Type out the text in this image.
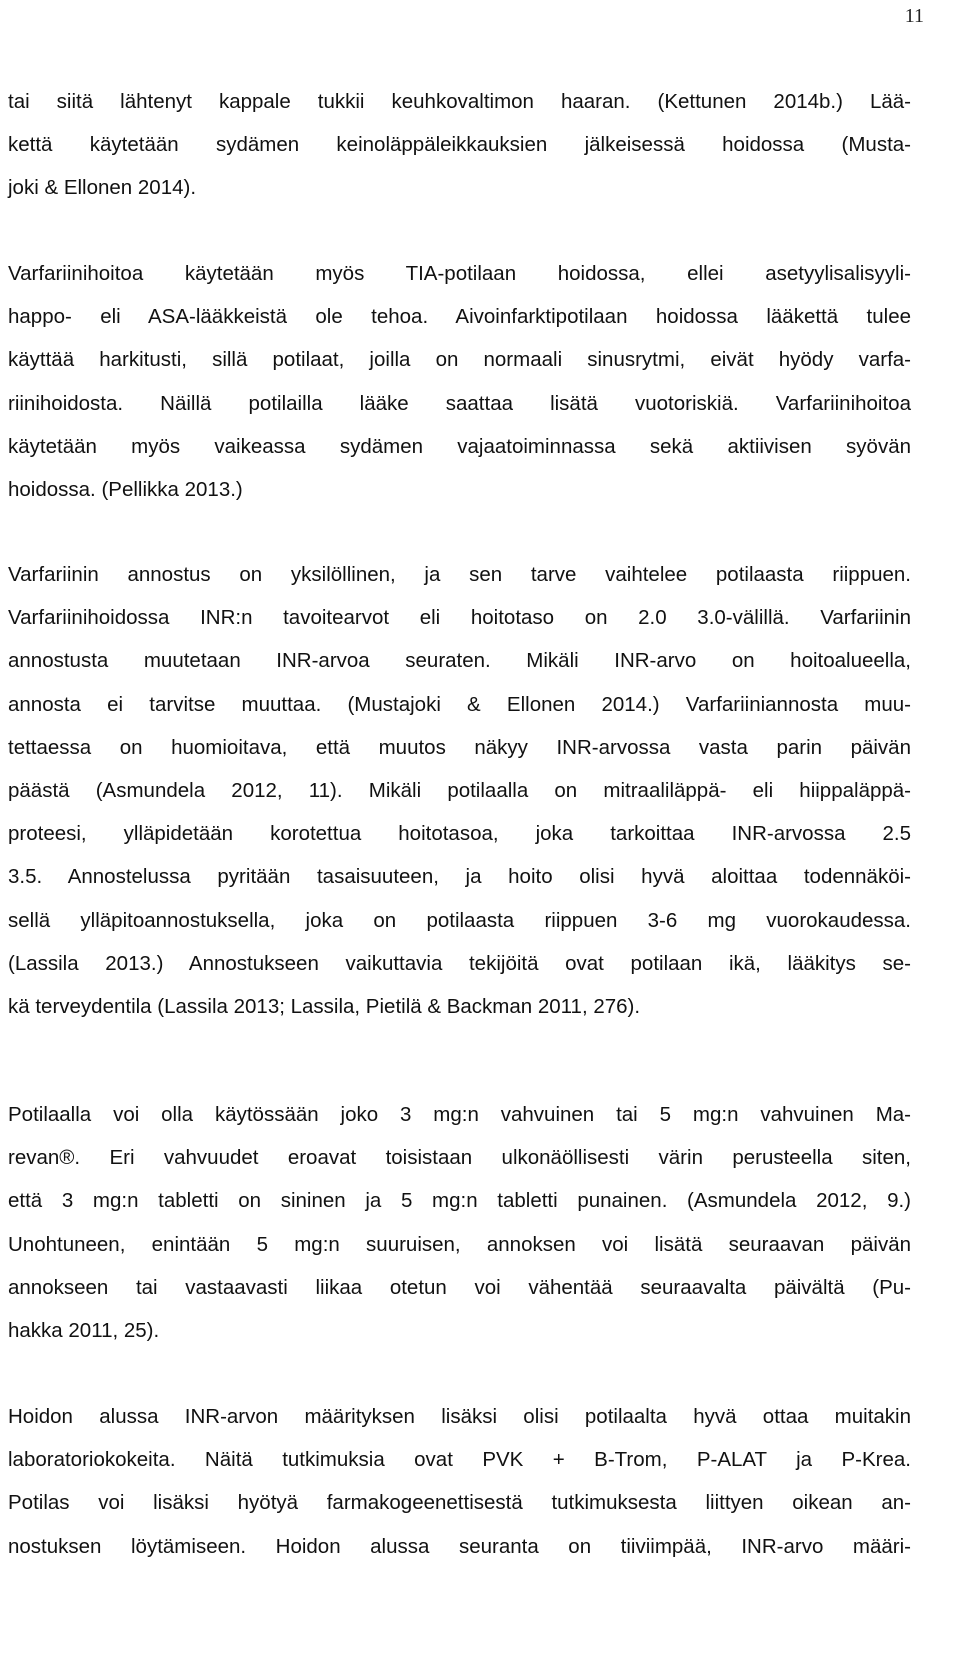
11
tai siitä lähtenyt kappale tukkii keuhkovaltimon haaran. (Kettunen 2014b.) Lää-
kettä käytetään sydämen keinoläppäleikkauksien jälkeisessä hoidossa (Musta-
joki & Ellonen 2014).
Varfariinihoitoa käytetään myös TIA-potilaan hoidossa, ellei asetyylisalisyyli-
happo- eli ASA-lääkkeistä ole tehoa. Aivoinfarktipotilaan hoidossa lääkettä tulee
käyttää harkitusti, sillä potilaat, joilla on normaali sinusrytmi, eivät hyödy varfa-
riinihoidosta. Näillä potilailla lääke saattaa lisätä vuotoriskiä. Varfariinihoitoa
käytetään myös vaikeassa sydämen vajaatoiminnassa sekä aktiivisen syövän
hoidossa. (Pellikka 2013.)
Varfariinin annostus on yksilöllinen, ja sen tarve vaihtelee potilaasta riippuen.
Varfariinihoidossa INR:n tavoitearvot eli hoitotaso on 2.0 3.0-välillä. Varfariinin
annostusta muutetaan INR-arvoa seuraten. Mikäli INR-arvo on hoitoalueella,
annosta ei tarvitse muuttaa. (Mustajoki & Ellonen 2014.) Varfariiniannosta muu-
tettaessa on huomioitava, että muutos näkyy INR-arvossa vasta parin päivän
päästä (Asmundela 2012, 11). Mikäli potilaalla on mitraaliläppä- eli hiippaläppä-
proteesi, ylläpidetään korotettua hoitotasoa, joka tarkoittaa INR-arvossa 2.5
3.5. Annostelussa pyritään tasaisuuteen, ja hoito olisi hyvä aloittaa todennäköi-
sellä ylläpitoannostuksella, joka on potilaasta riippuen 3-6 mg vuorokaudessa.
(Lassila 2013.) Annostukseen vaikuttavia tekijöitä ovat potilaan ikä, lääkitys se-
kä terveydentila (Lassila 2013; Lassila, Pietilä & Backman 2011, 276).
Potilaalla voi olla käytössään joko 3 mg:n vahvuinen tai 5 mg:n vahvuinen Ma-
revan®. Eri vahvuudet eroavat toisistaan ulkonäöllisesti värin perusteella siten,
että 3 mg:n tabletti on sininen ja 5 mg:n tabletti punainen. (Asmundela 2012, 9.)
Unohtuneen, enintään 5 mg:n suuruisen, annoksen voi lisätä seuraavan päivän
annokseen tai vastaavasti liikaa otetun voi vähentää seuraavalta päivältä (Pu-
hakka 2011, 25).
Hoidon alussa INR-arvon määrityksen lisäksi olisi potilaalta hyvä ottaa muitakin
laboratoriokokeita. Näitä tutkimuksia ovat PVK + B-Trom, P-ALAT ja P-Krea.
Potilas voi lisäksi hyötyä farmakogeenettisestä tutkimuksesta liittyen oikean an-
nostuksen löytämiseen. Hoidon alussa seuranta on tiiviimpää, INR-arvo määri-
